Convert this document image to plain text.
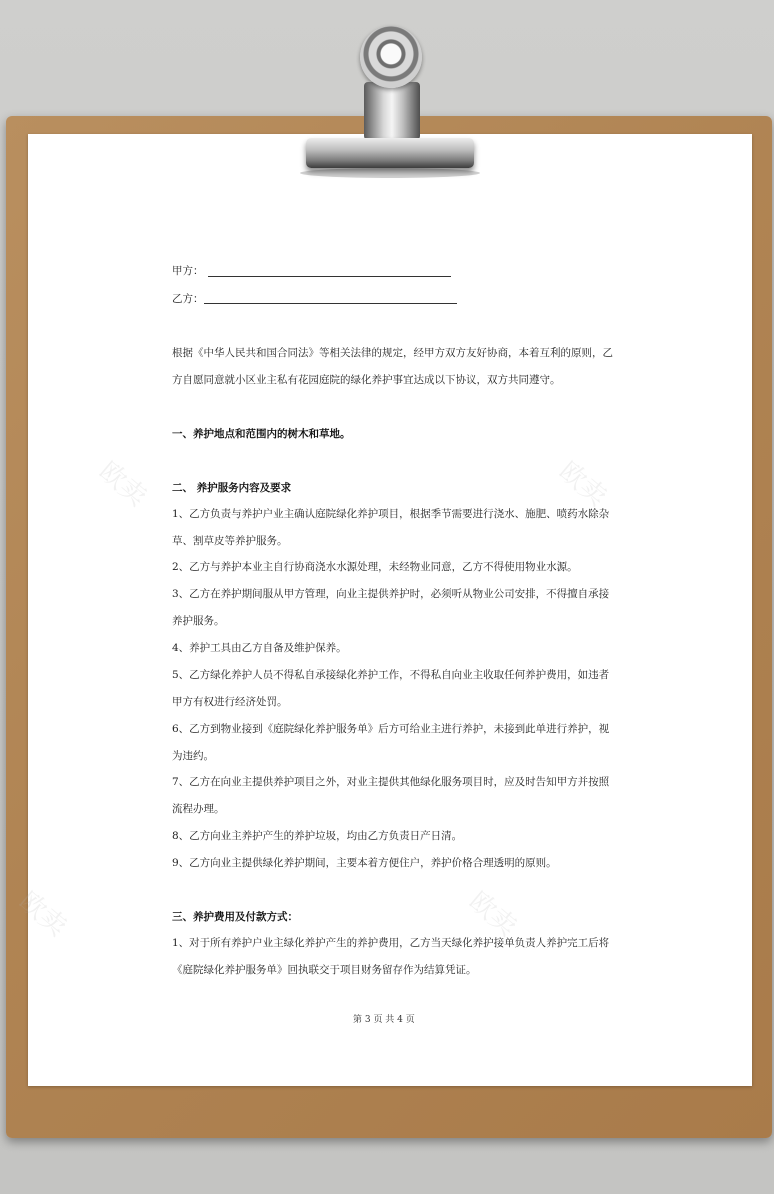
欧卖	欧卖
欧卖	欧卖
甲方：
乙方：
根据《中华人民共和国合同法》等相关法律的规定，经甲方双方友好协商，本着互利的原则，乙
方自愿同意就小区业主私有花园庭院的绿化养护事宜达成以下协议，双方共同遵守。
一、养护地点和范围内的树木和草地。
二、 养护服务内容及要求
1、乙方负责与养护户业主确认庭院绿化养护项目，根据季节需要进行浇水、施肥、喷药水除杂
草、割草皮等养护服务。
2、乙方与养护本业主自行协商浇水水源处理，未经物业同意，乙方不得使用物业水源。
3、乙方在养护期间服从甲方管理，向业主提供养护时，必须听从物业公司安排，不得擅自承接
养护服务。
4、养护工具由乙方自备及维护保养。
5、乙方绿化养护人员不得私自承接绿化养护工作，不得私自向业主收取任何养护费用，如违者
甲方有权进行经济处罚。
6、乙方到物业接到《庭院绿化养护服务单》后方可给业主进行养护，未接到此单进行养护，视
为违约。
7、乙方在向业主提供养护项目之外，对业主提供其他绿化服务项目时，应及时告知甲方并按照
流程办理。
8、乙方向业主养护产生的养护垃圾，均由乙方负责日产日清。
9、乙方向业主提供绿化养护期间，主要本着方便住户，养护价格合理透明的原则。
三、养护费用及付款方式：
1、对于所有养护户业主绿化养护产生的养护费用，乙方当天绿化养护接单负责人养护完工后将
《庭院绿化养护服务单》回执联交于项目财务留存作为结算凭证。
第 3 页 共 4 页
